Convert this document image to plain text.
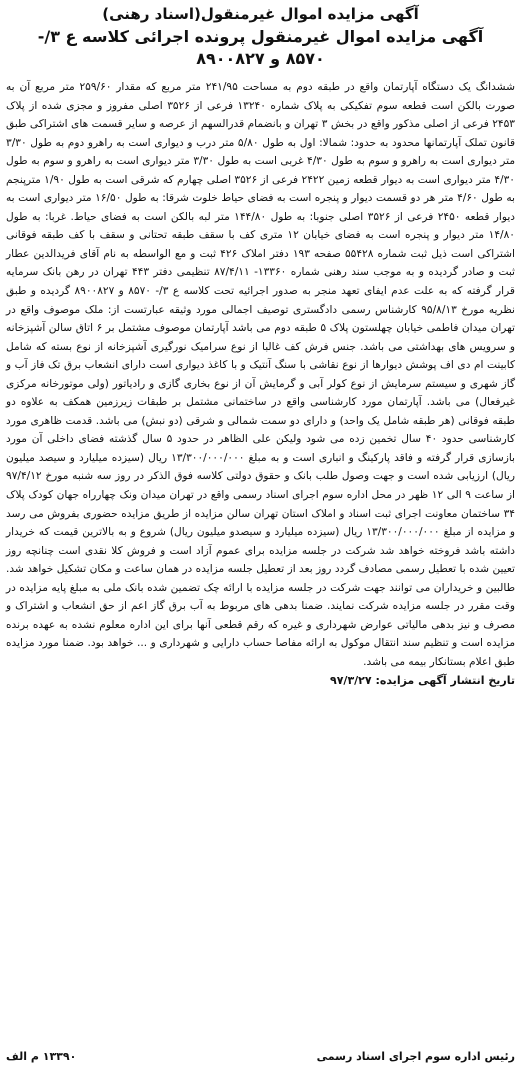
آگهی مزایده اموال غیرمنقول(اسناد رهنی)
آگهی مزایده اموال غیرمنقول پرونده اجرائی کلاسه ع ۳/-
۸۵۷۰ و ۸۹۰۰۸۲۷
ششدانگ یک دستگاه آپارتمان واقع در طبقه دوم به مساحت ۲۴۱/۹۵ متر مربع که مقدار ۲۵۹/۶۰ متر مربع آن به صورت بالکن است قطعه سوم تفکیکی به پلاک شماره ۱۳۲۴۰ فرعی از ۳۵۲۶ اصلی مفروز و مجزی شده از پلاک ۲۴۵۳ فرعی از اصلی مذکور واقع در بخش ۳ تهران و بانضمام قدرالسهم از عرصه و سایر قسمت های اشتراکی طبق قانون تملک آپارتمانها محدود به حدود: شمالا: اول به طول ۵/۸۰ متر درب و دیواری است به راهرو دوم به طول ۳/۳۰ متر دیواری است به راهرو و سوم به طول ۴/۳۰ غربی است به طول ۳/۳۰ متر دیواری است به راهرو و سوم به طول ۴/۳۰ متر دیواری است به دیوار قطعه زمین ۲۴۲۲ فرعی از ۳۵۲۶ اصلی چهارم که شرقی است به طول ۱/۹۰ مترپنجم به طول ۴/۶۰ متر هر دو قسمت دیوار و پنجره است به فضای حیاط خلوت شرقا: به طول ۱۶/۵۰ متر دیواری است به دیوار قطعه ۲۴۵۰ فرعی از ۳۵۲۶ اصلی جنوبا: به طول ۱۴۴/۸۰ متر لبه بالکن است به فضای حیاط. غربا: به طول ۱۴/۸۰ متر دیوار و پنجره است به فضای خیابان ۱۲ متری کف با سقف طبقه تحتانی و سقف با کف طبقه فوقانی اشتراکی است ذیل ثبت شماره ۵۵۴۲۸ صفحه ۱۹۳ دفتر املاک ۴۲۶ ثبت و مع الواسطه به نام آقای فریدالدین عطار ثبت و صادر گردیده و به موجب سند رهنی شماره ۱۳۳۶۰- ۸۷/۴/۱۱ تنظیمی دفتر ۴۴۳ تهران در رهن بانک سرمایه قرار گرفته که به علت عدم ایفای تعهد منجر به صدور اجرائیه تحت کلاسه ع ۳/- ۸۵۷۰ و ۸۹۰۰۸۲۷ گردیده و طبق نظریه مورخ ۹۵/۸/۱۳ کارشناس رسمی دادگستری توصیف اجمالی مورد وثیقه عبارتست از: ملک موصوف واقع در تهران میدان فاطمی خیابان چهلستون پلاک ۵ طبقه دوم می باشد آپارتمان موصوف مشتمل بر ۶ اتاق سالن آشپزخانه و سرویس های بهداشتی می باشد. جنس فرش کف غالبا از نوع سرامیک نورگیری آشپزخانه از نوع بسته که شامل کابینت ام دی اف پوشش دیوارها از نوع نقاشی با سنگ آنتیک و با کاغذ دیواری است دارای انشعاب برق تک فاز آب و گاز شهری و سیستم سرمایش از نوع کولر آبی و گرمایش آن از نوع بخاری گازی و رادیاتور (ولی موتورخانه مرکزی غیرفعال) می باشد. آپارتمان مورد کارشناسی واقع در ساختمانی مشتمل بر طبقات زیرزمین همکف به علاوه دو طبقه فوقانی (هر طبقه شامل یک واحد) و دارای دو سمت شمالی و شرقی (دو نبش) می باشد. قدمت ظاهری مورد کارشناسی حدود ۴۰ سال تخمین زده می شود ولیکن علی الظاهر در حدود ۵ سال گذشته فضای داخلی آن مورد بازسازی قرار گرفته و فاقد پارکینگ و انباری است و به مبلغ ۱۳/۳۰۰/۰۰۰/۰۰۰ ریال (سیزده میلیارد و سیصد میلیون ریال) ارزیابی شده است و جهت وصول طلب بانک و حقوق دولتی کلاسه فوق الذکر در روز سه شنبه مورخ ۹۷/۴/۱۲ از ساعت ۹ الی ۱۲ ظهر در محل اداره سوم اجرای اسناد رسمی واقع در تهران میدان ونک چهارراه جهان کودک پلاک ۳۴ ساختمان معاونت اجرای ثبت اسناد و املاک استان تهران سالن مزایده از طریق مزایده حضوری بفروش می رسد و مزایده از مبلغ ۱۳/۳۰۰/۰۰۰/۰۰۰ ریال (سیزده میلیارد و سیصدو میلیون ریال) شروع و به بالاترین قیمت که خریدار داشته باشد فروخته خواهد شد شرکت در جلسه مزایده برای عموم آزاد است و فروش کلا نقدی است چنانچه روز تعیین شده با تعطیل رسمی مصادف گردد روز بعد از تعطیل جلسه مزایده در همان ساعت و مکان تشکیل خواهد شد. طالبین و خریداران می توانند جهت شرکت در جلسه مزایده با ارائه چک تضمین شده بانک ملی به مبلغ پایه مزایده در وقت مقرر در جلسه مزایده شرکت نمایند. ضمنا بدهی های مربوط به آب برق گاز اعم از حق انشعاب و اشتراک و مصرف و نیز بدهی مالیاتی عوارض شهرداری و غیره که رقم قطعی آنها برای این اداره معلوم نشده به عهده برنده مزایده است و تنظیم سند انتقال موکول به ارائه مفاصا حساب دارایی و شهرداری و ... خواهد بود. ضمنا مورد مزایده طبق اعلام بستانکار بیمه می باشد.
تاریخ انتشار آگهی مزایده: ۹۷/۳/۲۷
رئیس اداره سوم اجرای اسناد رسمی
۱۳۳۹۰ م الف
